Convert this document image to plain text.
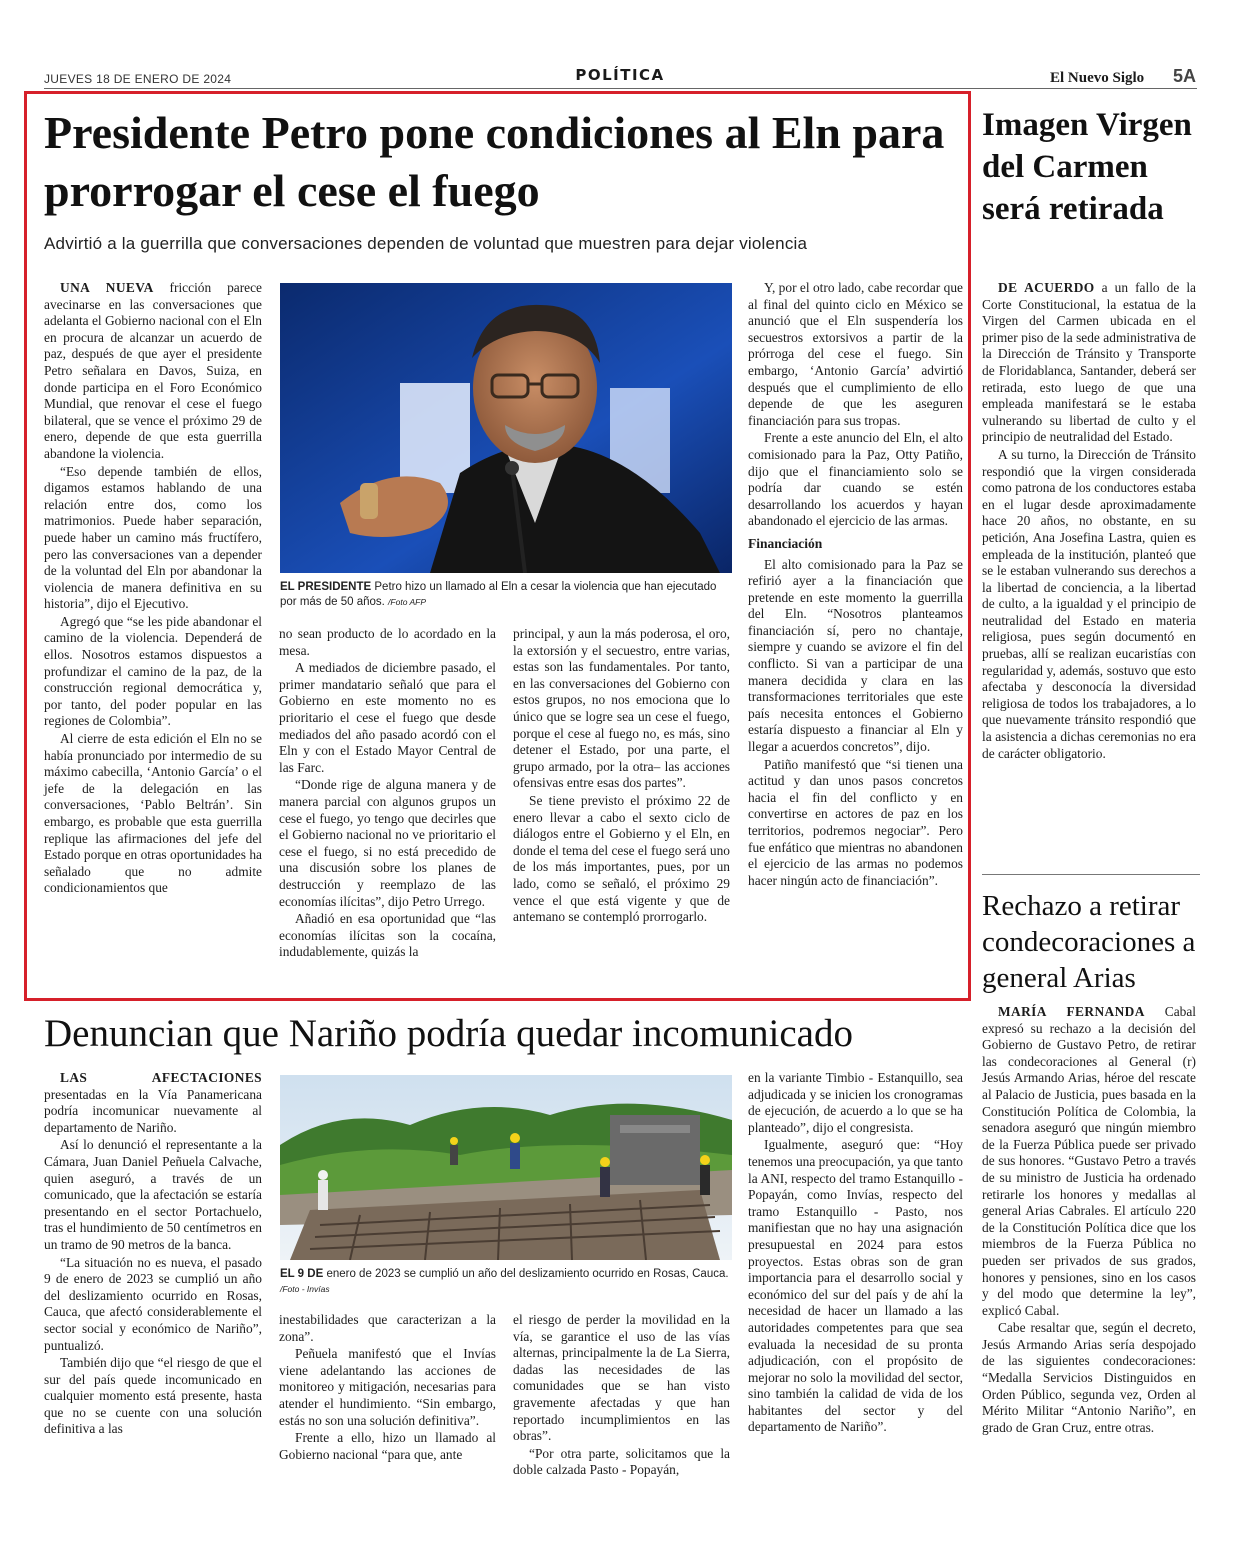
JUEVES 18 DE ENERO DE 2024	POLÍTICA	El Nuevo Siglo 5A
Presidente Petro pone condiciones al Eln para prorrogar el cese el fuego
Advirtió a la guerrilla que conversaciones dependen de voluntad que muestren para dejar violencia

UNA NUEVA fricción parece avecinarse en las conversaciones que adelanta el Gobierno nacional con el Eln en procura de alcanzar un acuerdo de paz, después de que ayer el presidente Petro señalara en Davos, Suiza, en donde participa en el Foro Económico Mundial, que renovar el cese el fuego bilateral, que se vence el próximo 29 de enero, depende de que esta guerrilla abandone la violencia.

“Eso depende también de ellos, digamos estamos hablando de una relación entre dos, como los matrimonios. Puede haber separación, puede haber un camino más fructífero, pero las conversaciones van a depender de la voluntad del Eln por abandonar la violencia de manera definitiva en su historia”, dijo el Ejecutivo.

Agregó que “se les pide abandonar el camino de la violencia. Dependerá de ellos. Nosotros estamos dispuestos a profundizar el camino de la paz, de la construcción regional democrática y, por tanto, del poder popular en las regiones de Colombia”.

Al cierre de esta edición el Eln no se había pronunciado por intermedio de su máximo cabecilla, ‘Antonio García’ o el jefe de la delegación en las conversaciones, ‘Pablo Beltrán’. Sin embargo, es probable que esta guerrilla replique las afirmaciones del jefe del Estado porque en otras oportunidades ha señalado que no admite condicionamientos que

EL PRESIDENTE Petro hizo un llamado al Eln a cesar la violencia que han ejecutado por más de 50 años. /Foto AFP

no sean producto de lo acordado en la mesa.

A mediados de diciembre pasado, el primer mandatario señaló que para el Gobierno en este momento no es prioritario el cese el fuego que desde mediados del año pasado acordó con el Eln y con el Estado Mayor Central de las Farc.

“Donde rige de alguna manera y de manera parcial con algunos grupos un cese el fuego, yo tengo que decirles que el Gobierno nacional no ve prioritario el cese el fuego, si no está precedido de una discusión sobre los planes de destrucción y reemplazo de las economías ilícitas”, dijo Petro Urrego.

Añadió en esa oportunidad que “las economías ilícitas son la cocaína, indudablemente, quizás la

principal, y aun la más poderosa, el oro, la extorsión y el secuestro, entre varias, estas son las fundamentales. Por tanto, en las conversaciones del Gobierno con estos grupos, no nos emociona que lo único que se logre sea un cese el fuego, porque el cese al fuego no, es más, sino detener el Estado, por una parte, el grupo armado, por la otra– las acciones ofensivas entre esas dos partes”.

Se tiene previsto el próximo 22 de enero llevar a cabo el sexto ciclo de diálogos entre el Gobierno y el Eln, en donde el tema del cese el fuego será uno de los más importantes, pues, por un lado, como se señaló, el próximo 29 vence el que está vigente y que de antemano se contempló prorrogarlo.

Y, por el otro lado, cabe recordar que al final del quinto ciclo en México se anunció que el Eln suspendería los secuestros extorsivos a partir de la prórroga del cese el fuego. Sin embargo, ‘Antonio García’ advirtió después que el cumplimiento de ello depende de que les aseguren financiación para sus tropas.

Frente a este anuncio del Eln, el alto comisionado para la Paz, Otty Patiño, dijo que el financiamiento solo se podría dar cuando se estén desarrollando los acuerdos y hayan abandonado el ejercicio de las armas.

Financiación

El alto comisionado para la Paz se refirió ayer a la financiación que pretende en este momento la guerrilla del Eln. “Nosotros planteamos financiación sí, pero no chantaje, siempre y cuando se avizore el fin del conflicto. Si van a participar de una manera decidida y clara en las transformaciones territoriales que este país necesita entonces el Gobierno estaría dispuesto a financiar al Eln y llegar a acuerdos concretos”, dijo.

Patiño manifestó que “si tienen una actitud y dan unos pasos concretos hacia el fin del conflicto y en convertirse en actores de paz en los territorios, podremos negociar”. Pero fue enfático que mientras no abandonen el ejercicio de las armas no podemos hacer ningún acto de financiación”.

Denuncian que Nariño podría quedar incomunicado

LAS AFECTACIONES presentadas en la Vía Panamericana podría incomunicar nuevamente al departamento de Nariño.

Así lo denunció el representante a la Cámara, Juan Daniel Peñuela Calvache, quien aseguró, a través de un comunicado, que la afectación se estaría presentando en el sector Portachuelo, tras el hundimiento de 50 centímetros en un tramo de 90 metros de la banca.

“La situación no es nueva, el pasado 9 de enero de 2023 se cumplió un año del deslizamiento ocurrido en Rosas, Cauca, que afectó considerablemente el sector social y económico de Nariño”, puntualizó.

También dijo que “el riesgo de que el sur del país quede incomunicado en cualquier momento está presente, hasta que no se cuente con una solución definitiva a las

EL 9 DE enero de 2023 se cumplió un año del deslizamiento ocurrido en Rosas, Cauca. /Foto - Invías

inestabilidades que caracterizan a la zona”.

Peñuela manifestó que el Invías viene adelantando las acciones de monitoreo y mitigación, necesarias para atender el hundimiento. “Sin embargo, estás no son una solución definitiva”.

Frente a ello, hizo un llamado al Gobierno nacional “para que, ante

el riesgo de perder la movilidad en la vía, se garantice el uso de las vías alternas, principalmente la de La Sierra, dadas las necesidades de las comunidades que se han visto gravemente afectadas y que han reportado incumplimientos en las obras”.

“Por otra parte, solicitamos que la doble calzada Pasto - Popayán,

en la variante Timbio - Estanquillo, sea adjudicada y se inicien los cronogramas de ejecución, de acuerdo a lo que se ha planteado”, dijo el congresista.

Igualmente, aseguró que: “Hoy tenemos una preocupación, ya que tanto la ANI, respecto del tramo Estanquillo -Popayán, como Invías, respecto del tramo Estanquillo - Pasto, nos manifiestan que no hay una asignación presupuestal en 2024 para estos proyectos. Estas obras son de gran importancia para el desarrollo social y económico del sur del país y de ahí la necesidad de hacer un llamado a las autoridades competentes para que sea evaluada la necesidad de su pronta adjudicación, con el propósito de mejorar no solo la movilidad del sector, sino también la calidad de vida de los habitantes del sector y del departamento de Nariño”.

Imagen Virgen del Carmen será retirada

DE ACUERDO a un fallo de la Corte Constitucional, la estatua de la Virgen del Carmen ubicada en el primer piso de la sede administrativa de la Dirección de Tránsito y Transporte de Floridablanca, Santander, deberá ser retirada, esto luego de que una empleada manifestará se le estaba vulnerando su libertad de culto y el principio de neutralidad del Estado.

A su turno, la Dirección de Tránsito respondió que la virgen considerada como patrona de los conductores estaba en el lugar desde aproximadamente hace 20 años, no obstante, en su petición, Ana Josefina Lastra, quien es empleada de la institución, planteó que se le estaban vulnerando sus derechos a la libertad de conciencia, a la libertad de culto, a la igualdad y el principio de neutralidad del Estado en materia religiosa, pues según documentó en pruebas, allí se realizan eucaristías con regularidad y, además, sostuvo que esto afectaba y desconocía la diversidad religiosa de todos los trabajadores, a lo que nuevamente tránsito respondió que la asistencia a dichas ceremonias no era de carácter obligatorio.

Rechazo a retirar condecoraciones a general Arias

MARÍA FERNANDA Cabal expresó su rechazo a la decisión del Gobierno de Gustavo Petro, de retirar las condecoraciones al General (r) Jesús Armando Arias, héroe del rescate al Palacio de Justicia, pues basada en la Constitución Política de Colombia, la senadora aseguró que ningún miembro de la Fuerza Pública puede ser privado de sus honores. “Gustavo Petro a través de su ministro de Justicia ha ordenado retirarle los honores y medallas al general Arias Cabrales. El artículo 220 de la Constitución Política dice que los miembros de la Fuerza Pública no pueden ser privados de sus grados, honores y pensiones, sino en los casos y del modo que determine la ley”, explicó Cabal.

Cabe resaltar que, según el decreto, Jesús Armando Arias sería despojado de las siguientes condecoraciones: “Medalla Servicios Distinguidos en Orden Público, segunda vez, Orden al Mérito Militar “Antonio Nariño”, en grado de Gran Cruz, entre otras.
